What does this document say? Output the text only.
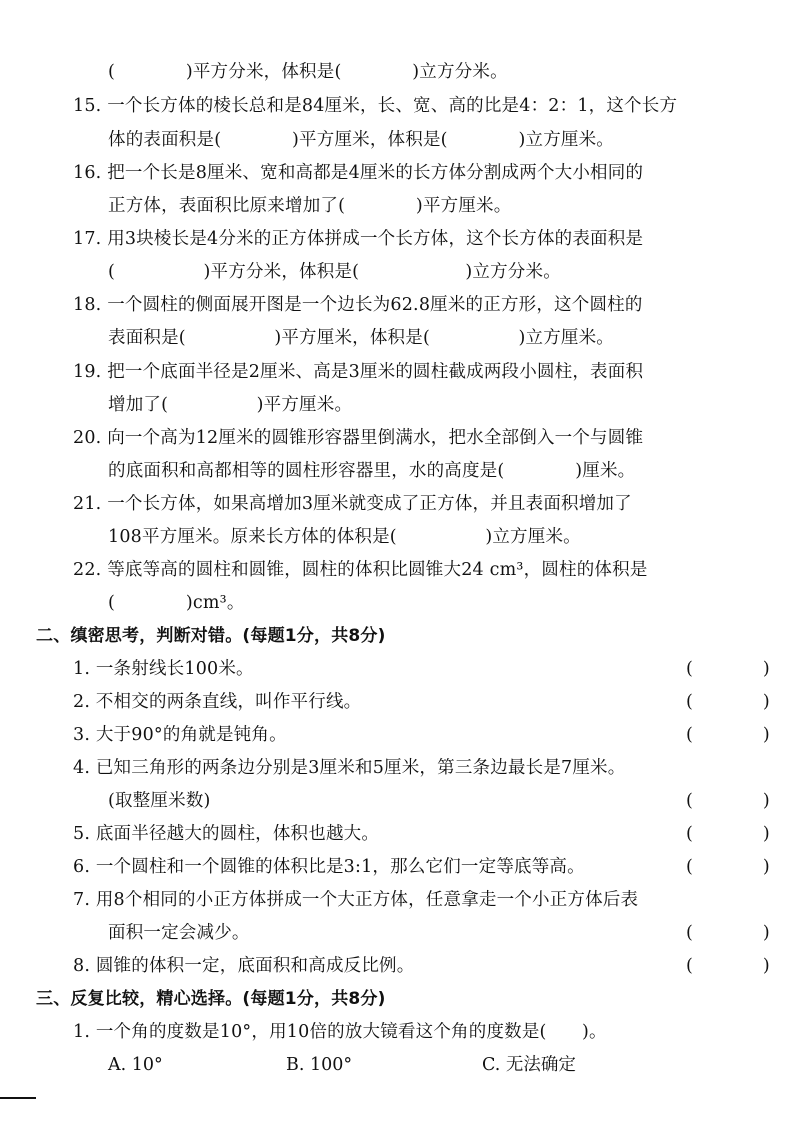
(　　　　)平方分米，体积是(　　　　)立方分米。
15. 一个长方体的棱长总和是84厘米，长、宽、高的比是4：2：1，这个长方
体的表面积是(　　　　)平方厘米，体积是(　　　　)立方厘米。
16. 把一个长是8厘米、宽和高都是4厘米的长方体分割成两个大小相同的
正方体，表面积比原来增加了(　　　　)平方厘米。
17. 用3块棱长是4分米的正方体拼成一个长方体，这个长方体的表面积是
(　　　　　)平方分米，体积是(　　　　　　)立方分米。
18. 一个圆柱的侧面展开图是一个边长为62.8厘米的正方形，这个圆柱的
表面积是(　　　　　)平方厘米，体积是(　　　　　)立方厘米。
19. 把一个底面半径是2厘米、高是3厘米的圆柱截成两段小圆柱，表面积
增加了(　　　　　)平方厘米。
20. 向一个高为12厘米的圆锥形容器里倒满水，把水全部倒入一个与圆锥
的底面积和高都相等的圆柱形容器里，水的高度是(　　　　)厘米。
21. 一个长方体，如果高增加3厘米就变成了正方体，并且表面积增加了
108平方厘米。原来长方体的体积是(　　　　　)立方厘米。
22. 等底等高的圆柱和圆锥，圆柱的体积比圆锥大24 cm³，圆柱的体积是
(　　　　)cm³。
二、缜密思考，判断对错。(每题1分，共8分)
1. 一条射线长100米。	(　　　　)
2. 不相交的两条直线，叫作平行线。	(　　　　)
3. 大于90°的角就是钝角。	(　　　　)
4. 已知三角形的两条边分别是3厘米和5厘米，第三条边最长是7厘米。
(取整厘米数)	(　　　　)
5. 底面半径越大的圆柱，体积也越大。	(　　　　)
6. 一个圆柱和一个圆锥的体积比是3:1，那么它们一定等底等高。	(　　　　)
7. 用8个相同的小正方体拼成一个大正方体，任意拿走一个小正方体后表
面积一定会减少。	(　　　　)
8. 圆锥的体积一定，底面积和高成反比例。	(　　　　)
三、反复比较，精心选择。(每题1分，共8分)
1. 一个角的度数是10°，用10倍的放大镜看这个角的度数是(　　)。
A. 10°	B. 100°	C. 无法确定
